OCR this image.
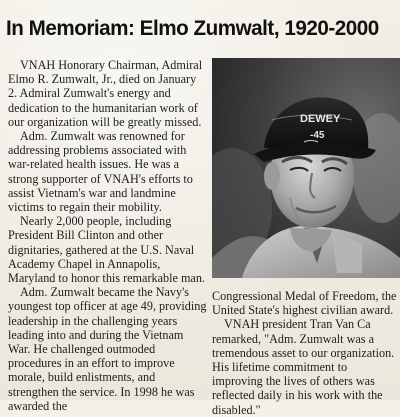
In Memoriam: Elmo Zumwalt, 1920-2000

VNAH Honorary Chairman, Admiral Elmo R. Zumwalt, Jr., died on January 2. Admiral Zumwalt's energy and dedication to the humanitarian work of our organization will be greatly missed.

Adm. Zumwalt was renowned for addressing problems associated with war-related health issues. He was a strong supporter of VNAH's efforts to assist Vietnam's war and landmine victims to regain their mobility.

Nearly 2,000 people, including President Bill Clinton and other dignitaries, gathered at the U.S. Naval Academy Chapel in Annapolis, Maryland to honor this remarkable man.

Adm. Zumwalt became the Navy's youngest top officer at age 49, providing leadership in the challenging years leading into and during the Vietnam War. He challenged outmoded procedures in an effort to improve morale, build enlistments, and strengthen the service. In 1998 he was awarded the

DEWEY
-45

Congressional Medal of Freedom, the United State's highest civilian award.

VNAH president Tran Van Ca remarked, "Adm. Zumwalt was a tremendous asset to our organization. His lifetime commitment to improving the lives of others was reflected daily in his work with the disabled."
